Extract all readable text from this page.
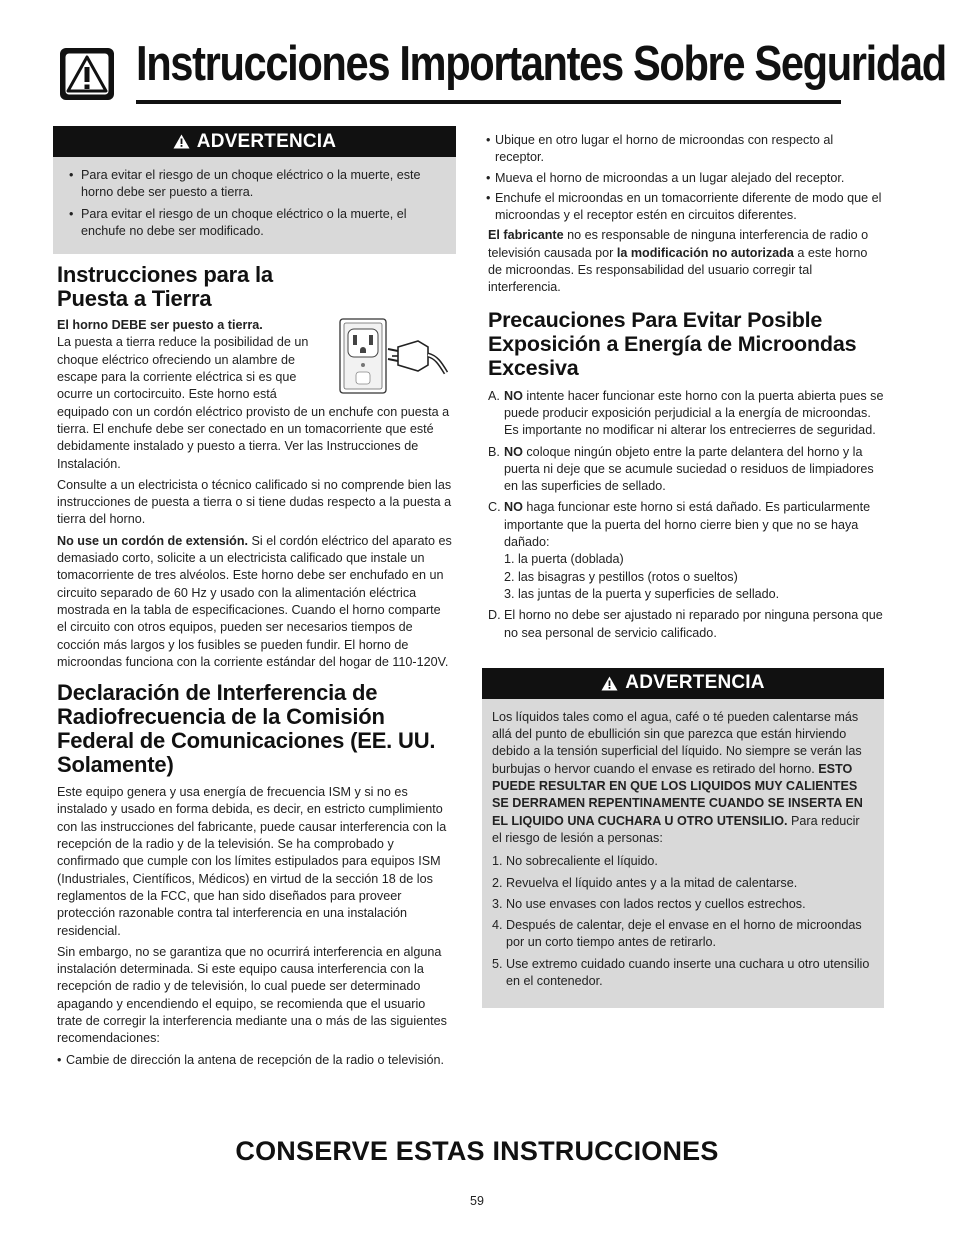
Instrucciones Importantes Sobre Seguridad
ADVERTENCIA
• Para evitar el riesgo de un choque eléctrico o la muerte, este horno debe ser puesto a tierra.
• Para evitar el riesgo de un choque eléctrico o la muerte, el enchufe no debe ser modificado.
Instrucciones para la Puesta a Tierra

El horno DEBE ser puesto a tierra.
La puesta a tierra reduce la posibilidad de un choque eléctrico ofreciendo un alambre de escape para la corriente eléctrica si es que ocurre un cortocircuito. Este horno está equipado con un cordón eléctrico provisto de un enchufe con puesta a tierra. El enchufe debe ser conectado en un tomacorriente que esté debidamente instalado y puesto a tierra. Ver las Instrucciones de Instalación.

Consulte a un electricista o técnico calificado si no comprende bien las instrucciones de puesta a tierra o si tiene dudas respecto a la puesta a tierra del horno.

No use un cordón de extensión. Si el cordón eléctrico del aparato es demasiado corto, solicite a un electricista calificado que instale un tomacorriente de tres alvéolos. Este horno debe ser enchufado en un circuito separado de 60 Hz y usado con la alimentación eléctrica mostrada en la tabla de especificaciones. Cuando el horno comparte el circuito con otros equipos, pueden ser necesarios tiempos de cocción más largos y los fusibles se pueden fundir. El horno de microondas funciona con la corriente estándar del hogar de 110-120V.

Declaración de Interferencia de Radiofrecuencia de la Comisión Federal de Comunicaciones (EE. UU. Solamente)

Este equipo genera y usa energía de frecuencia ISM y si no es instalado y usado en forma debida, es decir, en estricto cumplimiento con las instrucciones del fabricante, puede causar interferencia con la recepción de la radio y de la televisión. Se ha comprobado y confirmado que cumple con los límites estipulados para equipos ISM (Industriales, Científicos, Médicos) en virtud de la sección 18 de los reglamentos de la FCC, que han sido diseñados para proveer protección razonable contra tal interferencia en una instalación residencial.

Sin embargo, no se garantiza que no ocurrirá interferencia en alguna instalación determinada. Si este equipo causa interferencia con la recepción de radio y de televisión, lo cual puede ser determinado apagando y encendiendo el equipo, se recomienda que el usuario trate de corregir la interferencia mediante una o más de las siguientes recomendaciones:

• Cambie de dirección la antena de recepción de la radio o televisión.
• Ubique en otro lugar el horno de microondas con respecto al receptor.
• Mueva el horno de microondas a un lugar alejado del receptor.
• Enchufe el microondas en un tomacorriente diferente de modo que el microondas y el receptor estén en circuitos diferentes.

El fabricante no es responsable de ninguna interferencia de radio o televisión causada por la modificación no autorizada a este horno de microondas. Es responsabilidad del usuario corregir tal interferencia.

Precauciones Para Evitar Posible Exposición a Energía de Microondas Excesiva
A. NO intente hacer funcionar este horno con la puerta abierta pues se puede producir exposición perjudicial a la energía de microondas. Es importante no modificar ni alterar los entrecierres de seguridad.
B. NO coloque ningún objeto entre la parte delantera del horno y la puerta ni deje que se acumule suciedad o residuos de limpiadores en las superficies de sellado.
C. NO haga funcionar este horno si está dañado. Es particularmente importante que la puerta del horno cierre bien y que no se haya dañado:
1. la puerta (doblada)
2. las bisagras y pestillos (rotos o sueltos)
3. las juntas de la puerta y superficies de sellado.
D. El horno no debe ser ajustado ni reparado por ninguna persona que no sea personal de servicio calificado.
ADVERTENCIA

Los líquidos tales como el agua, café o té pueden calentarse más allá del punto de ebullición sin que parezca que están hirviendo debido a la tensión superficial del líquido. No siempre se verán las burbujas o hervor cuando el envase es retirado del horno. ESTO PUEDE RESULTAR EN QUE LOS LIQUIDOS MUY CALIENTES SE DERRAMEN REPENTINAMENTE CUANDO SE INSERTA EN EL LIQUIDO UNA CUCHARA U OTRO UTENSILIO. Para reducir el riesgo de lesión a personas:

1. No sobrecaliente el líquido.
2. Revuelva el líquido antes y a la mitad de calentarse.
3. No use envases con lados rectos y cuellos estrechos.
4. Después de calentar, deje el envase en el horno de microondas por un corto tiempo antes de retirarlo.
5. Use extremo cuidado cuando inserte una cuchara u otro utensilio en el contenedor.
CONSERVE ESTAS INSTRUCCIONES
59
